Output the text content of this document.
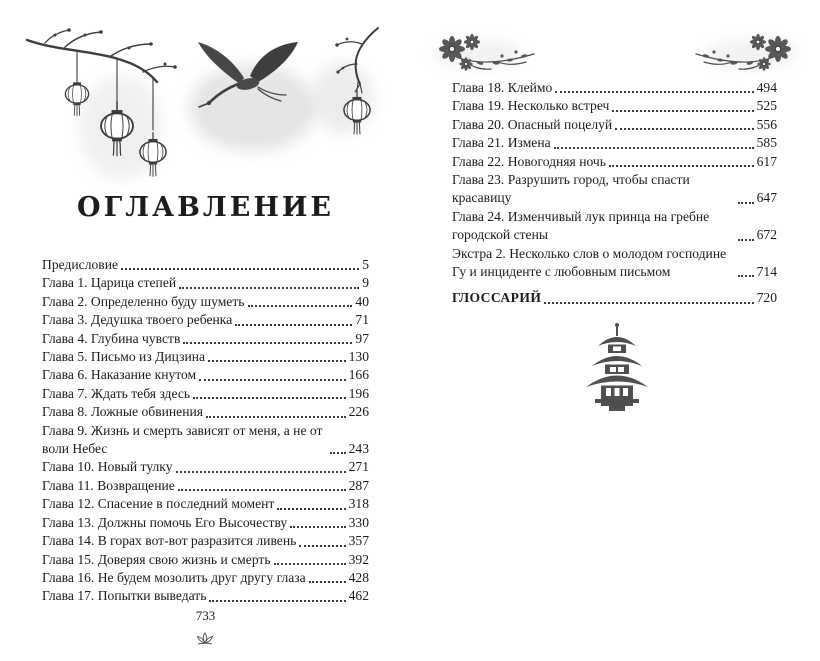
ОГЛАВЛЕНИЕ
Предисловие	5
Глава 1. Царица степей	9
Глава 2. Определенно буду шуметь	40
Глава 3. Дедушка твоего ребенка	71
Глава 4. Глубина чувств	97
Глава 5. Письмо из Дицзина	130
Глава 6. Наказание кнутом	166
Глава 7. Ждать тебя здесь	196
Глава 8. Ложные обвинения	226
Глава 9. Жизнь и смерть зависят от меня, а не от воли Небес	243
Глава 10. Новый тулку	271
Глава 11. Возвращение	287
Глава 12. Спасение в последний момент	318
Глава 13. Должны помочь Его Высочеству	330
Глава 14. В горах вот-вот разразится ливень	357
Глава 15. Доверяя свою жизнь и смерть	392
Глава 16. Не будем мозолить друг другу глаза	428
Глава 17. Попытки выведать	462
733
Глава 18. Клеймо	494
Глава 19. Несколько встреч	525
Глава 20. Опасный поцелуй	556
Глава 21. Измена	585
Глава 22. Новогодняя ночь	617
Глава 23. Разрушить город, чтобы спасти красавицу	647
Глава 24. Изменчивый лук принца на гребне городской стены	672
Экстра 2. Несколько слов о молодом господине Гу и инциденте с любовным письмом	714
ГЛОССАРИЙ	720
